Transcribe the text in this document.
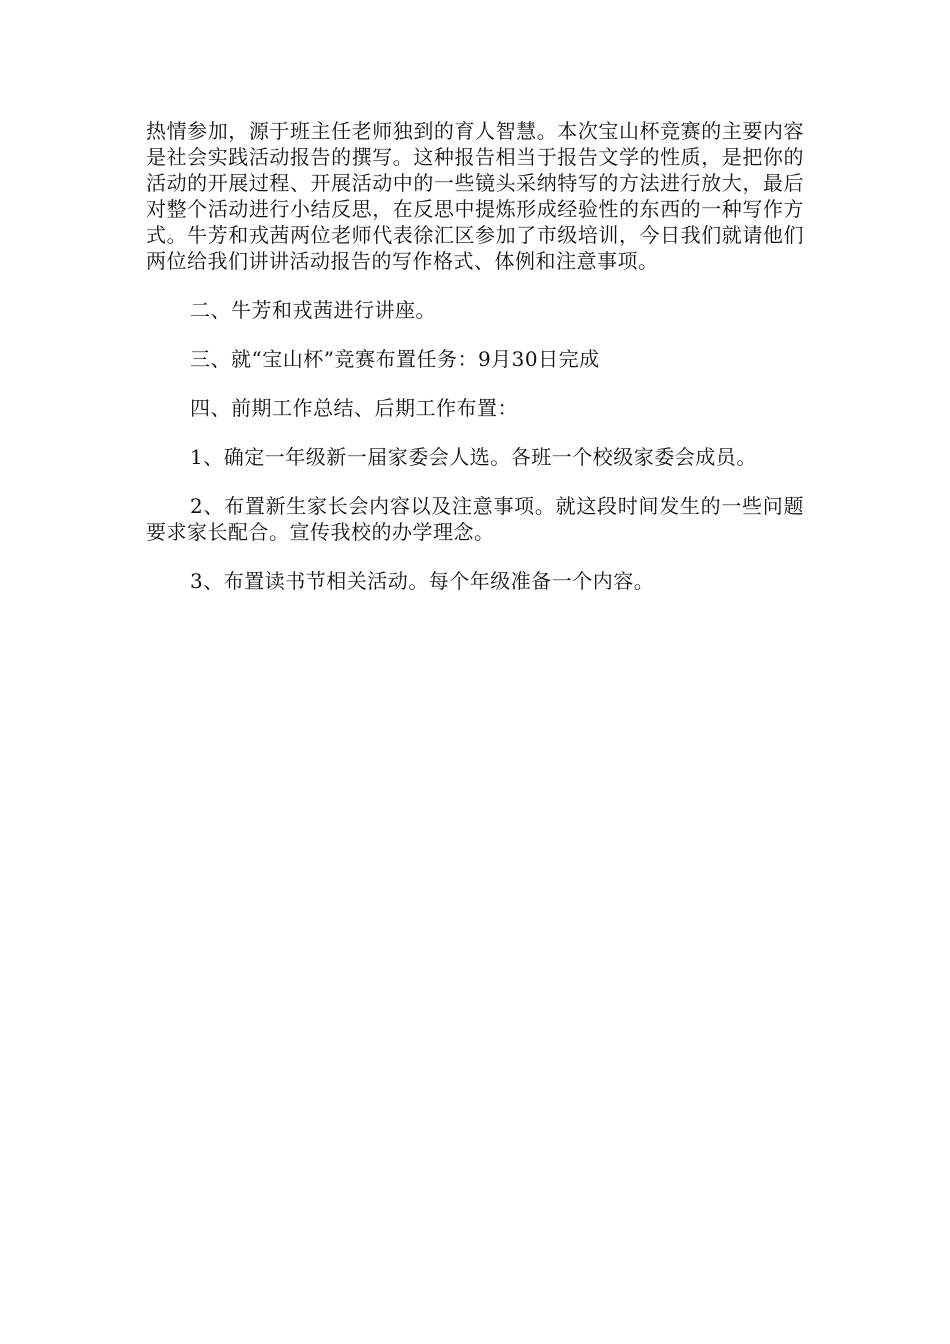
热情参加，源于班主任老师独到的育人智慧。本次宝山杯竞赛的主要内容是社会实践活动报告的撰写。这种报告相当于报告文学的性质，是把你的活动的开展过程、开展活动中的一些镜头采纳特写的方法进行放大，最后对整个活动进行小结反思，在反思中提炼形成经验性的东西的一种写作方式。牛芳和戎茜两位老师代表徐汇区参加了市级培训，今日我们就请他们两位给我们讲讲活动报告的写作格式、体例和注意事项。

二、牛芳和戎茜进行讲座。

三、就“宝山杯”竞赛布置任务：9月30日完成

四、前期工作总结、后期工作布置：

1、确定一年级新一届家委会人选。各班一个校级家委会成员。

2、布置新生家长会内容以及注意事项。就这段时间发生的一些问题要求家长配合。宣传我校的办学理念。

3、布置读书节相关活动。每个年级准备一个内容。
